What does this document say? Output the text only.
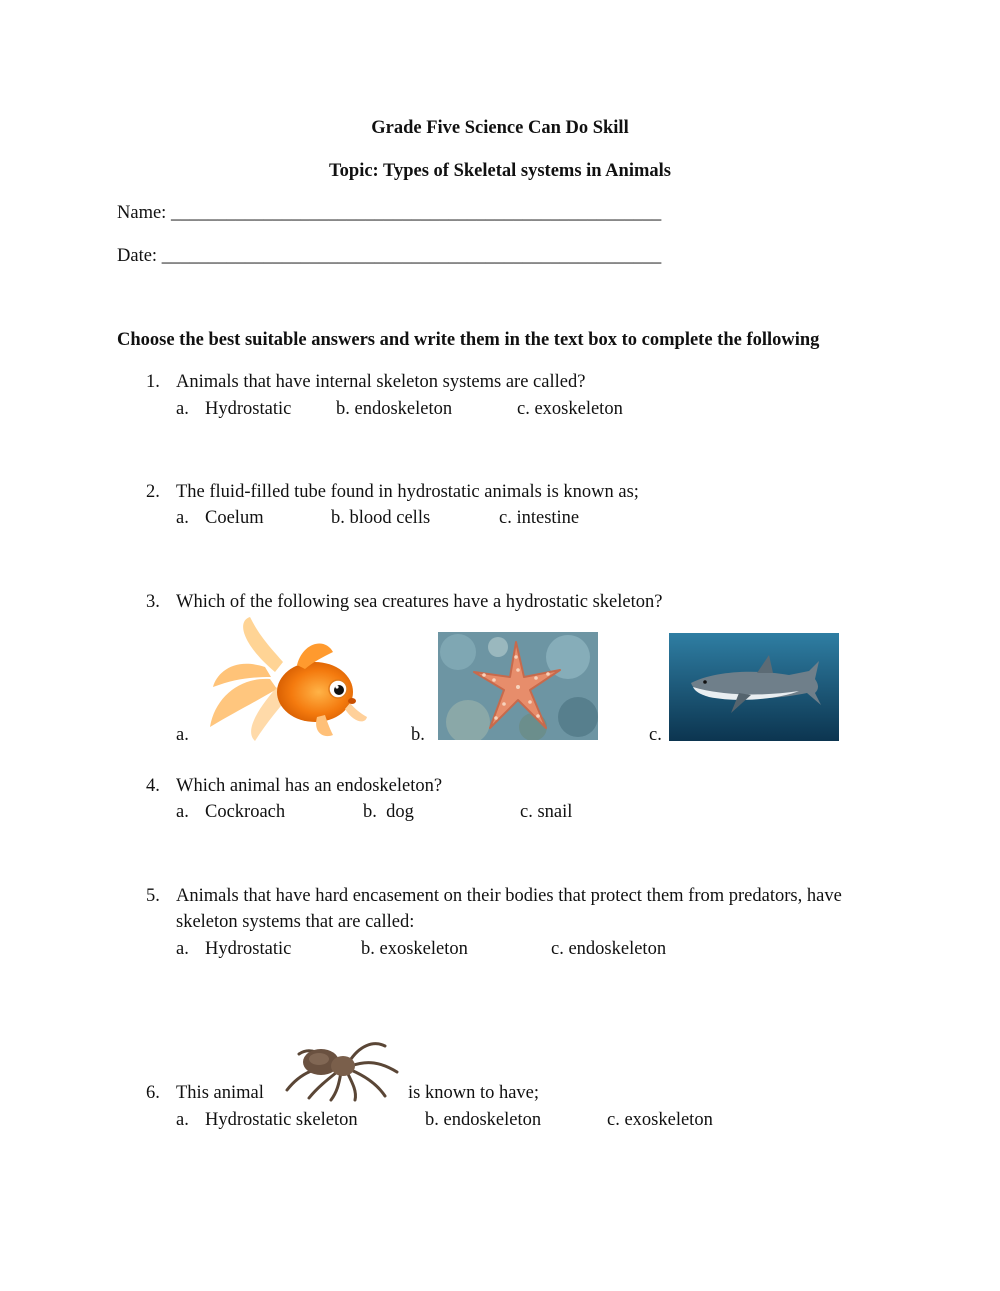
Grade Five Science Can Do Skill
Topic: Types of Skeletal systems in Animals
Name: _____________________________________________________
Date: ______________________________________________________
Choose the best suitable answers and write them in the text box to complete the following
1. Animals that have internal skeleton systems are called?
a. Hydrostatic b. endoskeleton	c. exoskeleton
2. The fluid-filled tube found in hydrostatic animals is known as;
a. Coelum	b. blood cells	c. intestine
3. Which of the following sea creatures have a hydrostatic skeleton?
a.	b.	c.
4. Which animal has an endoskeleton?
a. Cockroach	b.  dog	c. snail
5. Animals that have hard encasement on their bodies that protect them from predators, have
skeleton systems that are called:
a. Hydrostatic	b. exoskeleton	c. endoskeleton
6. This animal	is known to have;
a. Hydrostatic skeleton	b. endoskeleton	c. exoskeleton
